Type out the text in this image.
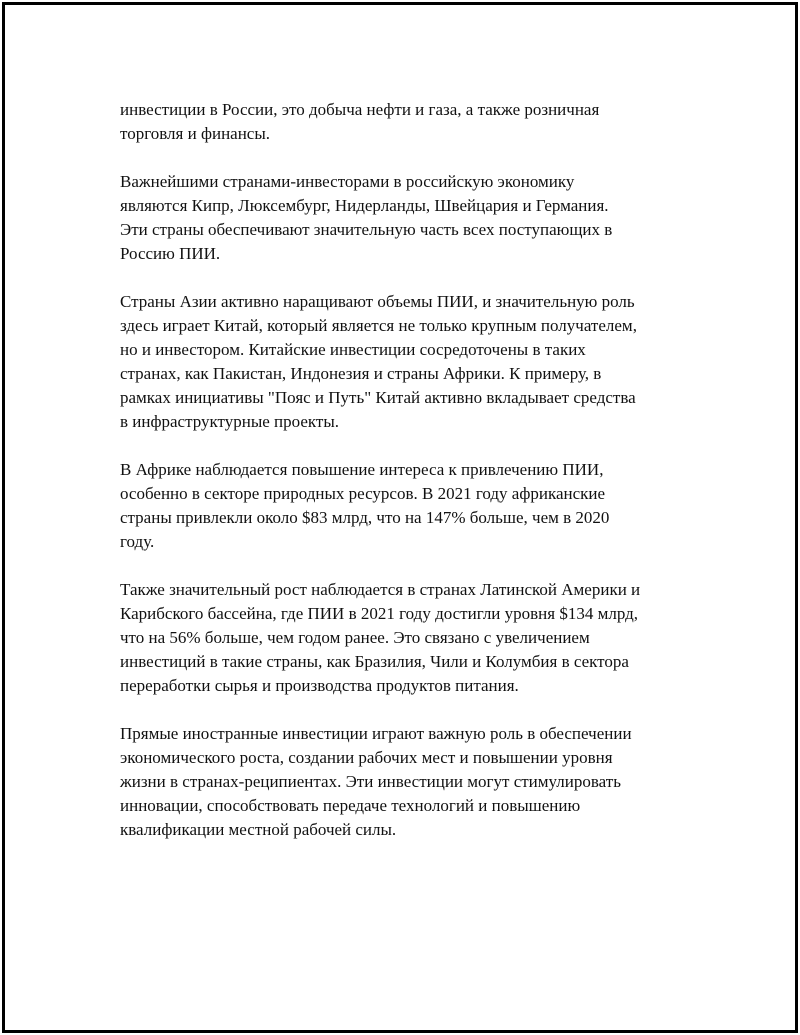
инвестиции в России, это добыча нефти и газа, а также розничная
торговля и финансы.

Важнейшими странами-инвесторами в российскую экономику
являются Кипр, Люксембург, Нидерланды, Швейцария и Германия.
Эти страны обеспечивают значительную часть всех поступающих в
Россию ПИИ.

Страны Азии активно наращивают объемы ПИИ, и значительную роль
здесь играет Китай, который является не только крупным получателем,
но и инвестором. Китайские инвестиции сосредоточены в таких
странах, как Пакистан, Индонезия и страны Африки. К примеру, в
рамках инициативы "Пояс и Путь" Китай активно вкладывает средства
в инфраструктурные проекты.

В Африке наблюдается повышение интереса к привлечению ПИИ,
особенно в секторе природных ресурсов. В 2021 году африканские
страны привлекли около $83 млрд, что на 147% больше, чем в 2020
году.

Также значительный рост наблюдается в странах Латинской Америки и
Карибского бассейна, где ПИИ в 2021 году достигли уровня $134 млрд,
что на 56% больше, чем годом ранее. Это связано с увеличением
инвестиций в такие страны, как Бразилия, Чили и Колумбия в сектора
переработки сырья и производства продуктов питания.

Прямые иностранные инвестиции играют важную роль в обеспечении
экономического роста, создании рабочих мест и повышении уровня
жизни в странах-реципиентах. Эти инвестиции могут стимулировать
инновации, способствовать передаче технологий и повышению
квалификации местной рабочей силы.
